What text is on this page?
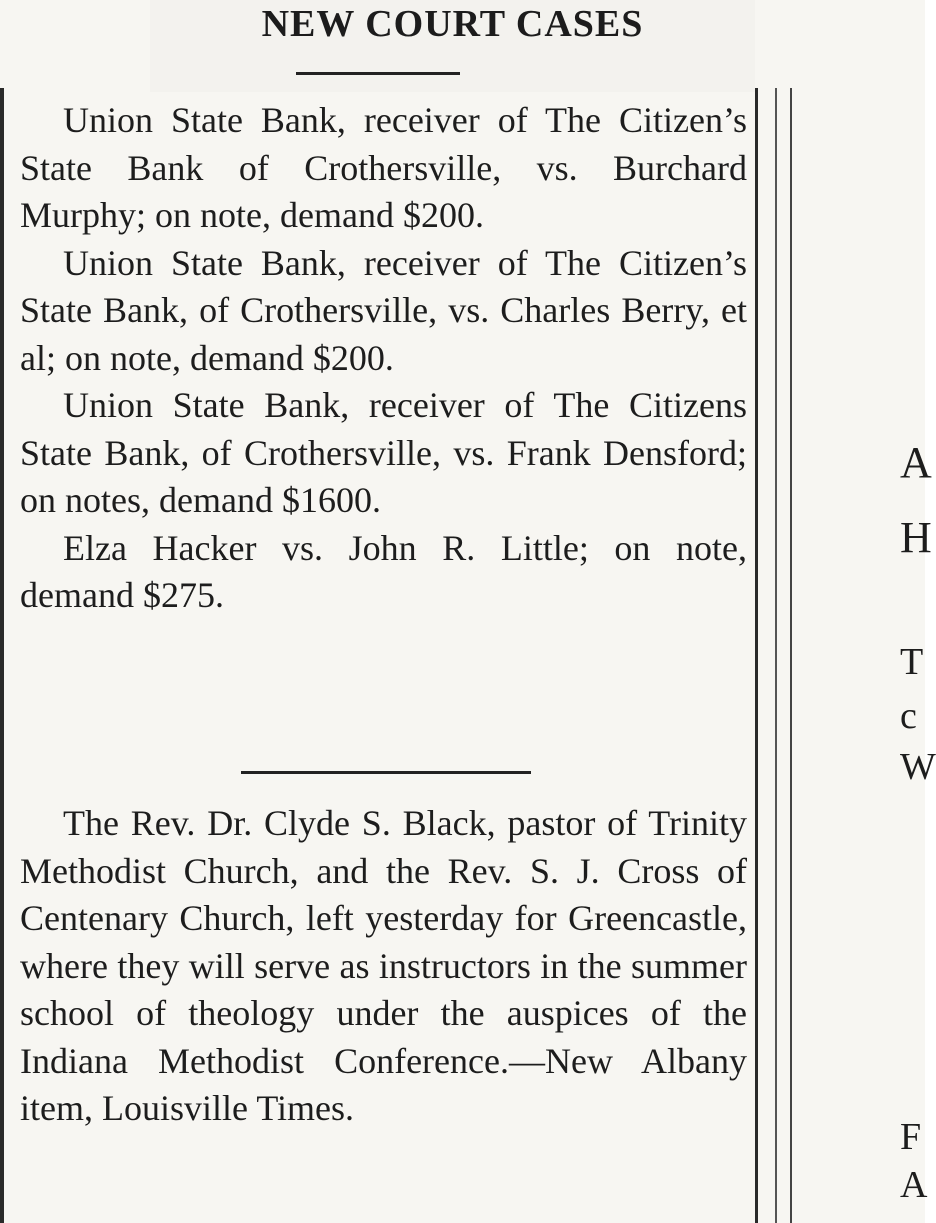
NEW COURT CASES

Union State Bank, receiver of The Citizen’s State Bank of Crothersville, vs. Burchard Murphy; on note, demand $200.

Union State Bank, receiver of The Citizen’s State Bank, of Crothersville, vs. Charles Berry, et al; on note, demand $200.

Union State Bank, receiver of The Citizens State Bank, of Crothersville, vs. Frank Densford; on notes, demand $1600.

Elza Hacker vs. John R. Little; on note, demand $275.

The Rev. Dr. Clyde S. Black, pastor of Trinity Methodist Church, and the Rev. S. J. Cross of Centenary Church, left yesterday for Greencastle, where they will serve as instructors in the summer school of theology under the auspices of the Indiana Methodist Conference.—New Albany item, Louisville Times.

A
H
T
c
W
F
A
